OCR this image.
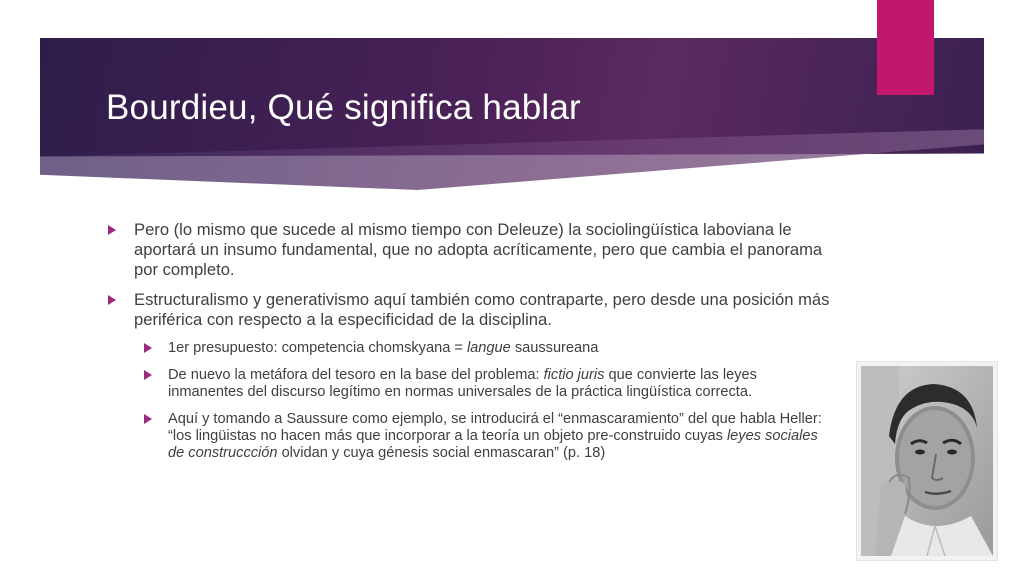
Bourdieu, Qué significa hablar
Pero (lo mismo que sucede al mismo tiempo con Deleuze) la sociolingüística laboviana le aportará un insumo fundamental, que no adopta acríticamente, pero que cambia el panorama por completo.
Estructuralismo y generativismo aquí también como contraparte, pero desde una posición más periférica con respecto a la especificidad de la disciplina.
1er presupuesto: competencia chomskyana = langue saussureana
De nuevo la metáfora del tesoro en la base del problema: fictio juris que convierte las leyes inmanentes del discurso legítimo en normas universales de la práctica lingüística correcta.
Aquí y tomando a Saussure como ejemplo, se introducirá el “enmascaramiento” del que habla Heller: “los lingüistas no hacen más que incorporar a la teoría un objeto pre-construido cuyas leyes sociales de construccción olvidan y cuya génesis social enmascaran” (p. 18)
